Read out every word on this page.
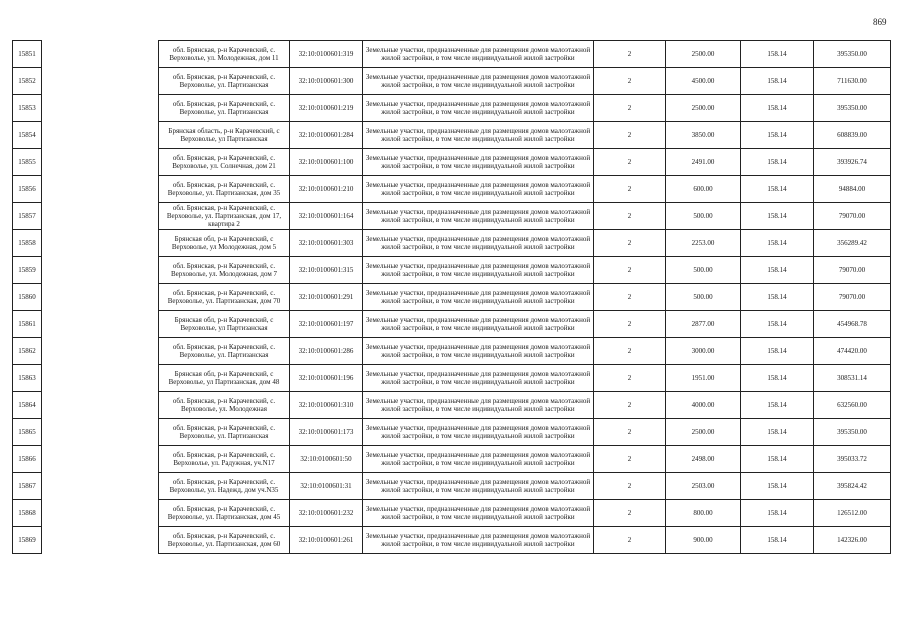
869
15851		обл. Брянская, р-н Карачевский, с. Верховолье, ул. Молодежная, дом 11	32:10:0100601:319	Земельные участки, предназначенные для размещения домов малоэтажной жилой застройки, в том числе индивидуальной жилой застройки	2	2500.00	158.14	395350.00
15852		обл. Брянская, р-н Карачевский, с. Верховолье, ул. Партизанская	32:10:0100601:300	Земельные участки, предназначенные для размещения домов малоэтажной жилой застройки, в том числе индивидуальной жилой застройки	2	4500.00	158.14	711630.00
15853		обл. Брянская, р-н Карачевский, с. Верховолье, ул. Партизанская	32:10:0100601:219	Земельные участки, предназначенные для размещения домов малоэтажной жилой застройки, в том числе индивидуальной жилой застройки	2	2500.00	158.14	395350.00
15854		Брянская область, р-н Карачевский, с Верховолье, ул Партизанская	32:10:0100601:284	Земельные участки, предназначенные для размещения домов малоэтажной жилой застройки, в том числе индивидуальной жилой застройки	2	3850.00	158.14	608839.00
15855		обл. Брянская, р-н Карачевский, с. Верховолье, ул. Солнечная, дом 21	32:10:0100601:100	Земельные участки, предназначенные для размещения домов малоэтажной жилой застройки, в том числе индивидуальной жилой застройки	2	2491.00	158.14	393926.74
15856		обл. Брянская, р-н Карачевский, с. Верховолье, ул. Партизанская, дом 35	32:10:0100601:210	Земельные участки, предназначенные для размещения домов малоэтажной жилой застройки, в том числе индивидуальной жилой застройки	2	600.00	158.14	94884.00
15857		обл. Брянская, р-н Карачевский, с. Верховолье, ул. Партизанская, дом 17, квартира 2	32:10:0100601:164	Земельные участки, предназначенные для размещения домов малоэтажной жилой застройки, в том числе индивидуальной жилой застройки	2	500.00	158.14	79070.00
15858		Брянская обл, р-н Карачевский, с Верховолье, ул Молодежная, дом 5	32:10:0100601:303	Земельные участки, предназначенные для размещения домов малоэтажной жилой застройки, в том числе индивидуальной жилой застройки	2	2253.00	158.14	356289.42
15859		обл. Брянская, р-н Карачевский, с. Верховолье, ул. Молодежная, дом 7	32:10:0100601:315	Земельные участки, предназначенные для размещения домов малоэтажной жилой застройки, в том числе индивидуальной жилой застройки	2	500.00	158.14	79070.00
15860		обл. Брянская, р-н Карачевский, с. Верховолье, ул. Партизанская, дом 70	32:10:0100601:291	Земельные участки, предназначенные для размещения домов малоэтажной жилой застройки, в том числе индивидуальной жилой застройки	2	500.00	158.14	79070.00
15861		Брянская обл, р-н Карачевский, с Верховолье, ул Партизанская	32:10:0100601:197	Земельные участки, предназначенные для размещения домов малоэтажной жилой застройки, в том числе индивидуальной жилой застройки	2	2877.00	158.14	454968.78
15862		обл. Брянская, р-н Карачевский, с. Верховолье, ул. Партизанская	32:10:0100601:286	Земельные участки, предназначенные для размещения домов малоэтажной жилой застройки, в том числе индивидуальной жилой застройки	2	3000.00	158.14	474420.00
15863		Брянская обл, р-н Карачевский, с Верховолье, ул Партизанская, дом 48	32:10:0100601:196	Земельные участки, предназначенные для размещения домов малоэтажной жилой застройки, в том числе индивидуальной жилой застройки	2	1951.00	158.14	308531.14
15864		обл. Брянская, р-н Карачевский, с. Верховолье, ул. Молодежная	32:10:0100601:310	Земельные участки, предназначенные для размещения домов малоэтажной жилой застройки, в том числе индивидуальной жилой застройки	2	4000.00	158.14	632560.00
15865		обл. Брянская, р-н Карачевский, с. Верховолье, ул. Партизанская	32:10:0100601:173	Земельные участки, предназначенные для размещения домов малоэтажной жилой застройки, в том числе индивидуальной жилой застройки	2	2500.00	158.14	395350.00
15866		обл. Брянская, р-н Карачевский, с. Верховолье, ул. Радужная, уч.N17	32:10:0100601:50	Земельные участки, предназначенные для размещения домов малоэтажной жилой застройки, в том числе индивидуальной жилой застройки	2	2498.00	158.14	395033.72
15867		обл. Брянская, р-н Карачевский, с. Верховолье, ул. Надежд, дом уч.N35	32:10:0100601:31	Земельные участки, предназначенные для размещения домов малоэтажной жилой застройки, в том числе индивидуальной жилой застройки	2	2503.00	158.14	395824.42
15868		обл. Брянская, р-н Карачевский, с. Верховолье, ул. Партизанская, дом 45	32:10:0100601:232	Земельные участки, предназначенные для размещения домов малоэтажной жилой застройки, в том числе индивидуальной жилой застройки	2	800.00	158.14	126512.00
15869		обл. Брянская, р-н Карачевский, с. Верховолье, ул. Партизанская, дом 60	32:10:0100601:261	Земельные участки, предназначенные для размещения домов малоэтажной жилой застройки, в том числе индивидуальной жилой застройки	2	900.00	158.14	142326.00
